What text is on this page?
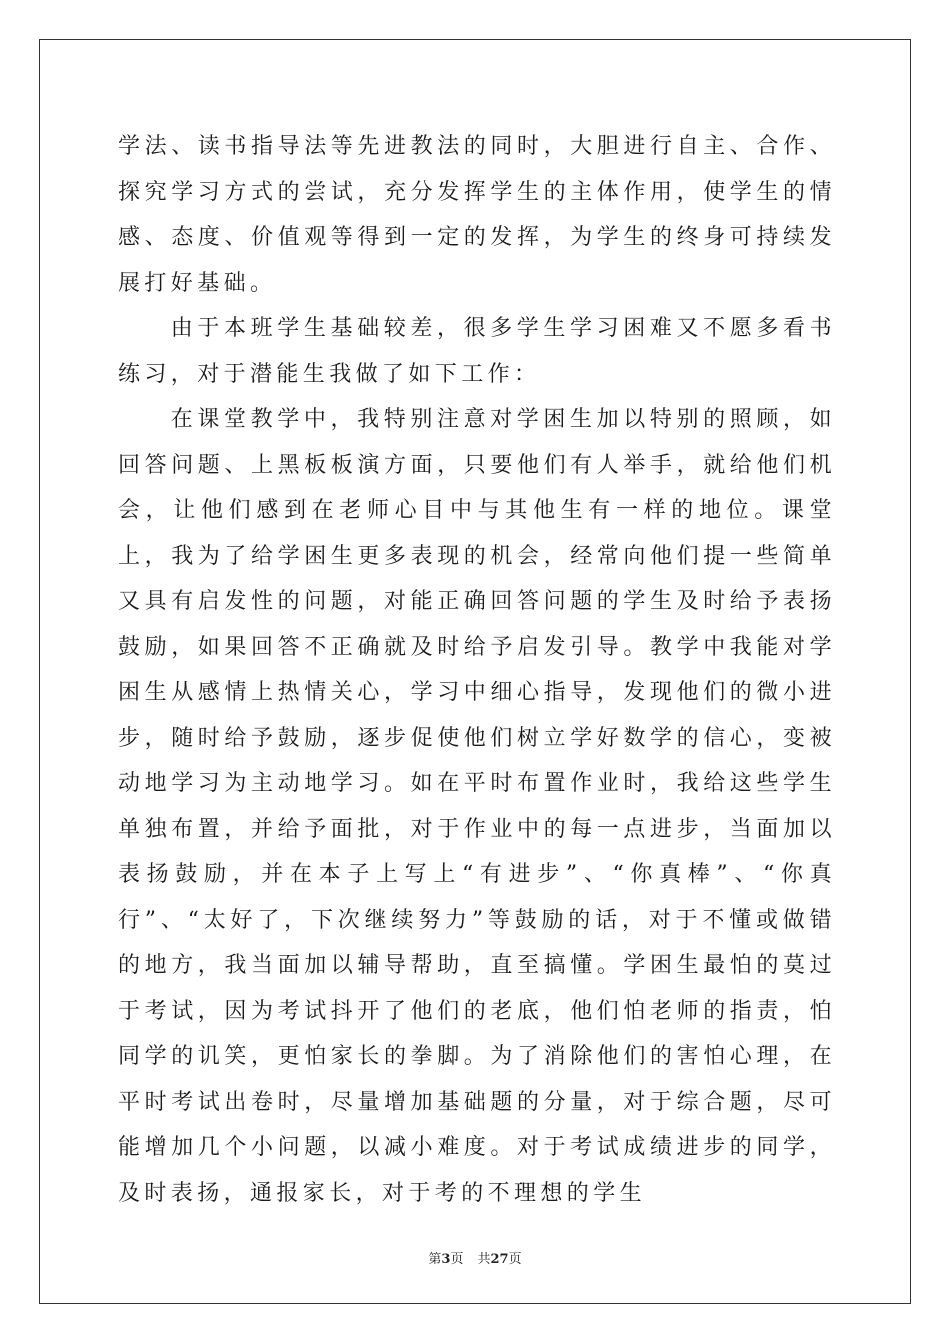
学法、读书指导法等先进教法的同时，大胆进行自主、合作、探究学习方式的尝试，充分发挥学生的主体作用，使学生的情感、态度、价值观等得到一定的发挥，为学生的终身可持续发展打好基础。

由于本班学生基础较差，很多学生学习困难又不愿多看书练习，对于潜能生我做了如下工作：

在课堂教学中，我特别注意对学困生加以特别的照顾，如回答问题、上黑板板演方面，只要他们有人举手，就给他们机会，让他们感到在老师心目中与其他生有一样的地位。课堂上，我为了给学困生更多表现的机会，经常向他们提一些简单又具有启发性的问题，对能正确回答问题的学生及时给予表扬鼓励，如果回答不正确就及时给予启发引导。教学中我能对学困生从感情上热情关心，学习中细心指导，发现他们的微小进步，随时给予鼓励，逐步促使他们树立学好数学的信心，变被动地学习为主动地学习。如在平时布置作业时，我给这些学生单独布置，并给予面批，对于作业中的每一点进步，当面加以表扬鼓励，并在本子上写上“有进步”、“你真棒”、“你真行”、“太好了，下次继续努力”等鼓励的话，对于不懂或做错的地方，我当面加以辅导帮助，直至搞懂。学困生最怕的莫过于考试，因为考试抖开了他们的老底，他们怕老师的指责，怕同学的讥笑，更怕家长的拳脚。为了消除他们的害怕心理，在平时考试出卷时，尽量增加基础题的分量，对于综合题，尽可能增加几个小问题，以减小难度。对于考试成绩进步的同学，及时表扬，通报家长，对于考的不理想的学生

第3页 共27页
